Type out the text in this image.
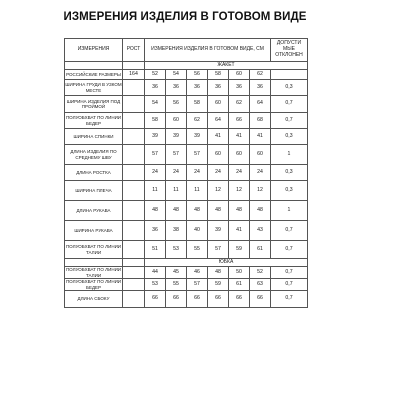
ИЗМЕРЕНИЯ ИЗДЕЛИЯ В ГОТОВОМ ВИДЕ
ИЗМЕРЕНИЯ	РОСТ	ИЗМЕРЕНИЯ ИЗДЕЛИЯ В ГОТОВОМ ВИДЕ, СМ						ДОПУСТИ МЫЕ ОТКЛОНЕН
		ЖАКЕТ						
РОССИЙСКИЕ РАЗМЕРЫ	164	52	54	56	58	60	62	
ШИРИНА ГРУДИ В УЗКОМ МЕСТЕ		36	36	36	36	36	36	0,3
ШИРИНА ИЗДЕЛИЯ ПОД ПРОЙМОЙ		54	56	58	60	62	64	0,7
ПОЛУОБХВАТ ПО ЛИНИИ БЕДЕР		58	60	62	64	66	68	0,7
ШИРИНА СПИНКИ		39	39	39	41	41	41	0,3
ДЛИНА ИЗДЕЛИЯ ПО СРЕДНЕМУ ШВУ		57	57	57	60	60	60	1
ДЛИНА РОСТКА		24	24	24	24	24	24	0,3
ШИРИНА ПЛЕЧА		11	11	11	12	12	12	0,3
ДЛИНА РУКАВА		48	48	48	48	48	48	1
ШИРИНА РУКАВА		36	38	40	39	41	43	0,7
ПОЛУОБХВАТ ПО ЛИНИИ ТАЛИИ		51	53	55	57	59	61	0,7
		ЮБКА						
ПОЛУОБХВАТ ПО ЛИНИИ ТАЛИИ		44	45	46	48	50	52	0,7
ПОЛУОБХВАТ ПО ЛИНИИ БЕДЕР		53	55	57	59	61	63	0,7
ДЛИНА СБОКУ		66	66	66	66	66	66	0,7
